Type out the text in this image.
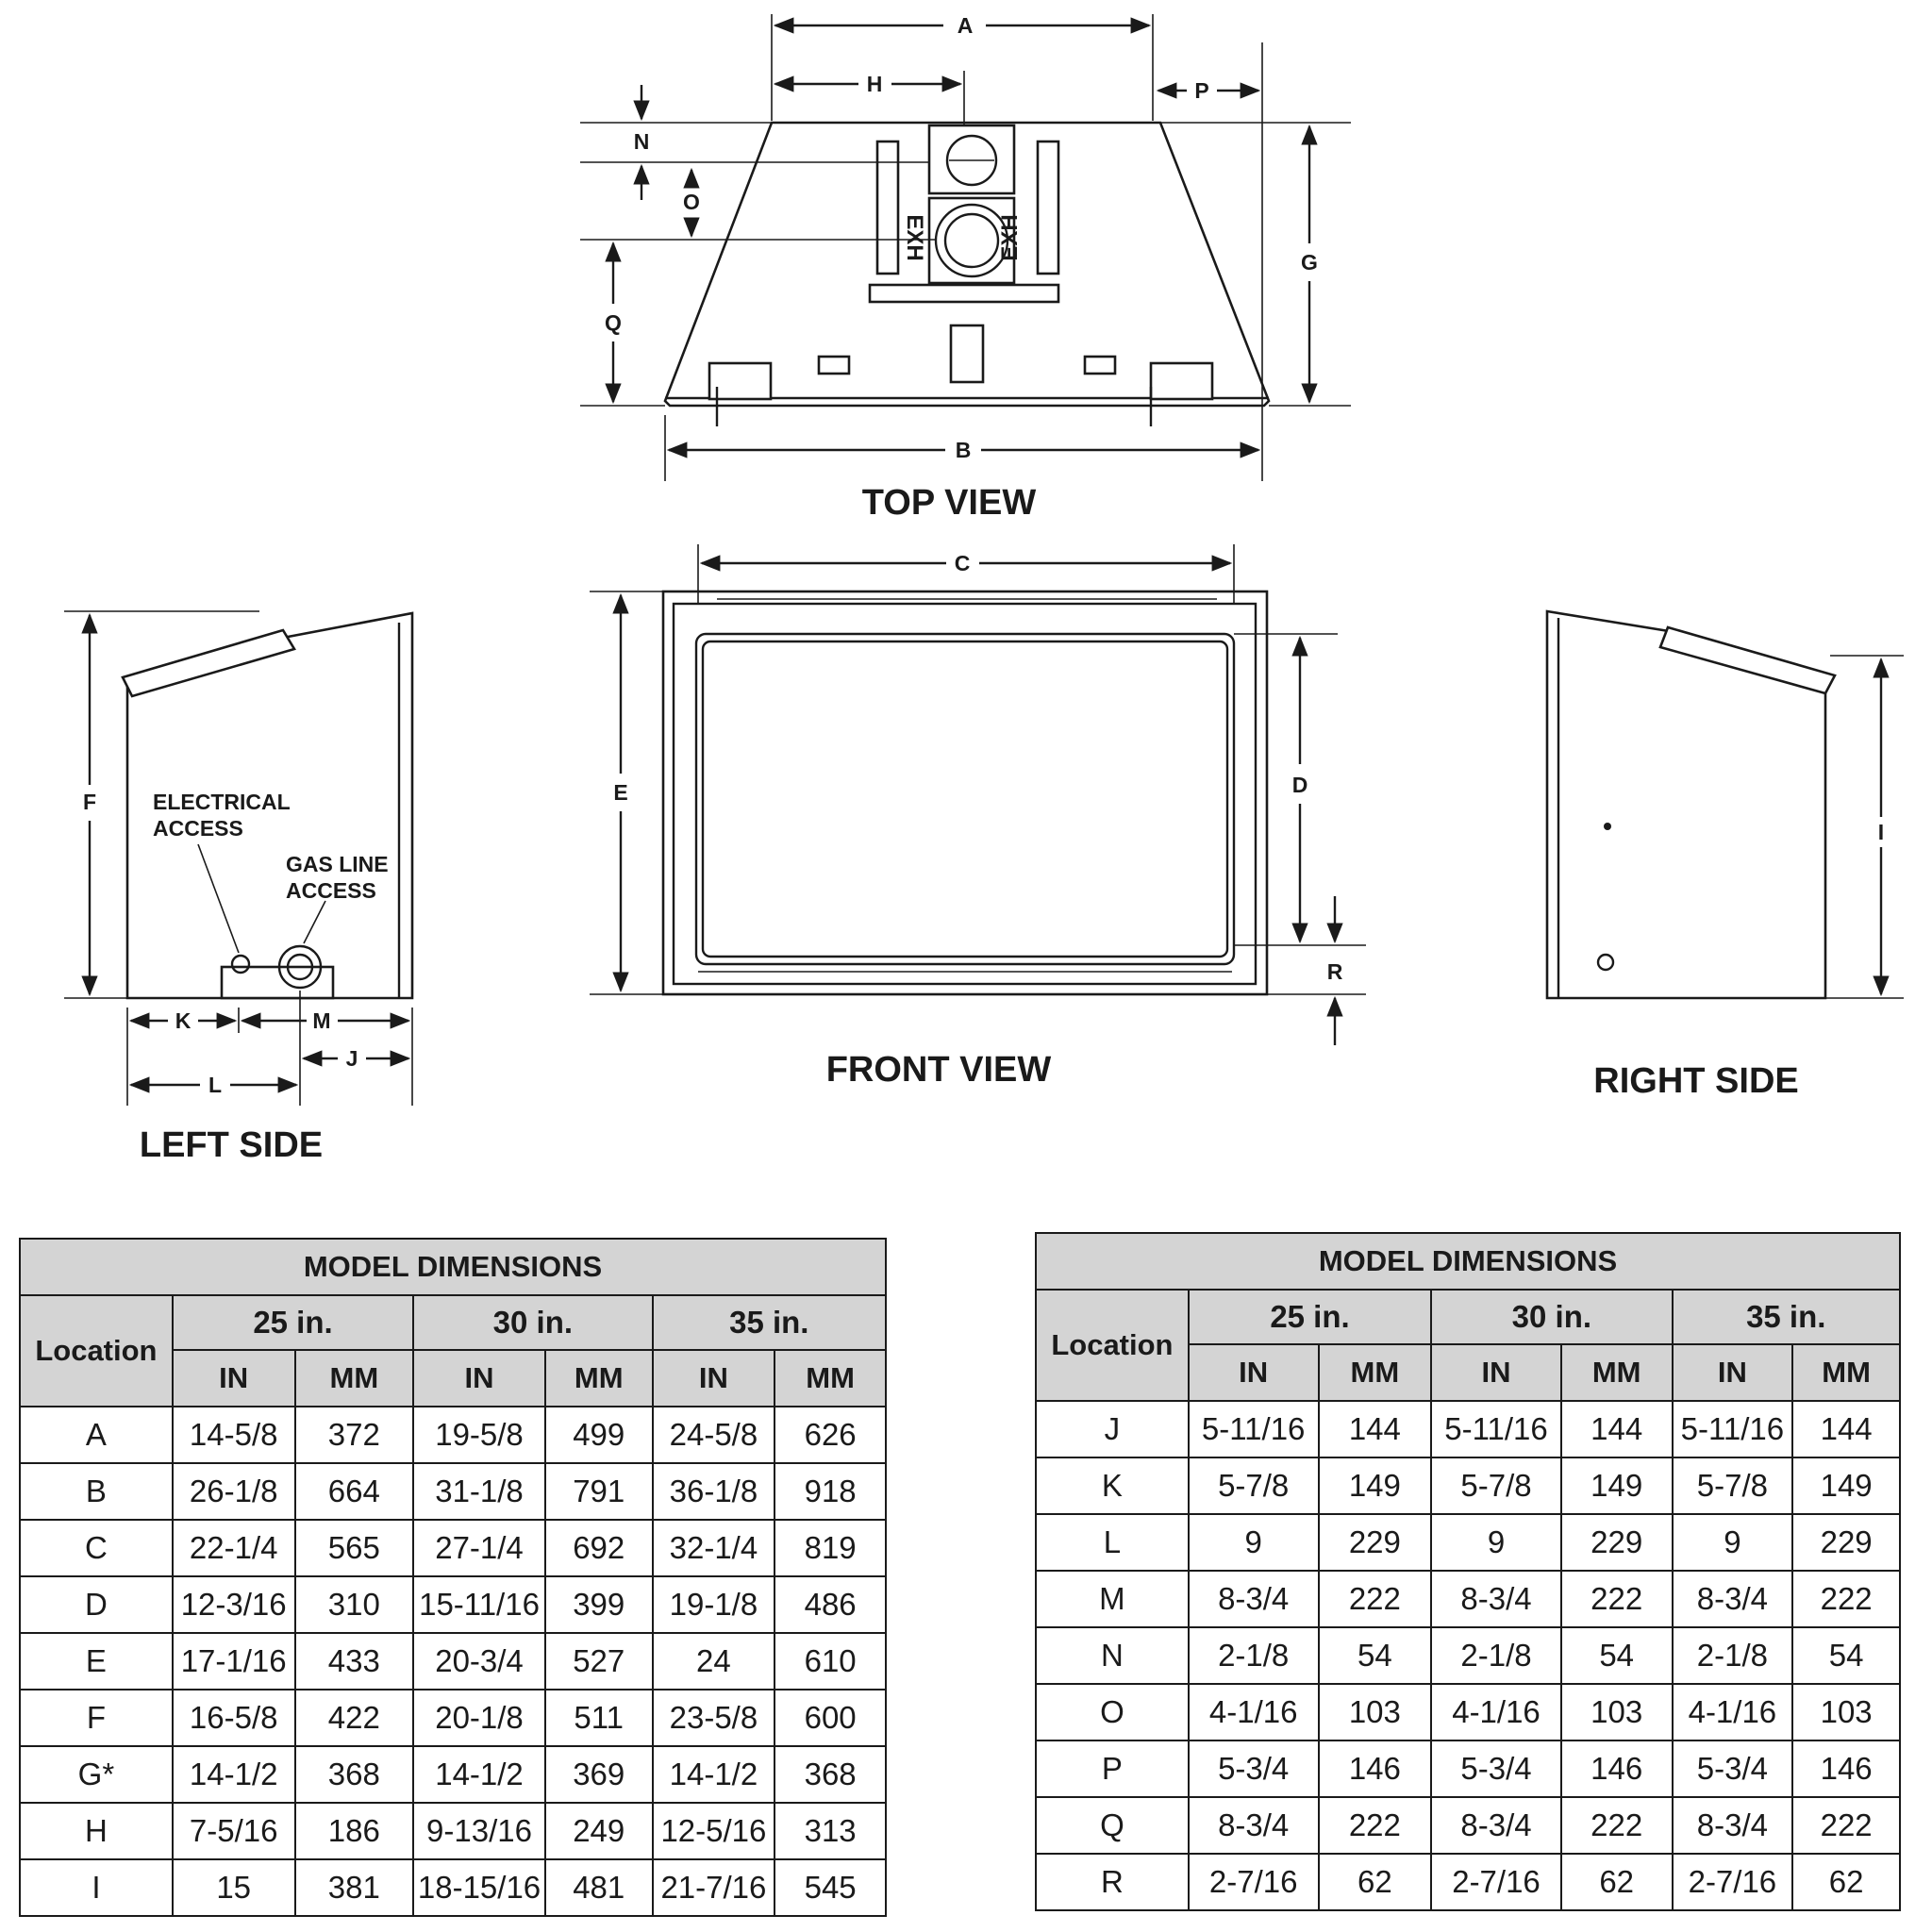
EXH	EXH
A
H	P
G
N
O
Q
B
TOP VIEW
C
E	D
R
FRONT VIEW
ELECTRICAL
ACCESS
GAS LINE
ACCESS
F
K	M
J
L
LEFT SIDE
I
RIGHT SIDE
MODEL DIMENSIONS						
Location	25 in.		30 in.		35 in.	
	IN	MM	IN	MM	IN	MM
A	14-5/8	372	19-5/8	499	24-5/8	626
B	26-1/8	664	31-1/8	791	36-1/8	918
C	22-1/4	565	27-1/4	692	32-1/4	819
D	12-3/16	310	15-11/16	399	19-1/8	486
E	17-1/16	433	20-3/4	527	24	610
F	16-5/8	422	20-1/8	511	23-5/8	600
G*	14-1/2	368	14-1/2	369	14-1/2	368
H	7-5/16	186	9-13/16	249	12-5/16	313
I	15	381	18-15/16	481	21-7/16	545
MODEL DIMENSIONS						
Location	25 in.		30 in.		35 in.	
	IN	MM	IN	MM	IN	MM
J	5-11/16	144	5-11/16	144	5-11/16	144
K	5-7/8	149	5-7/8	149	5-7/8	149
L	9	229	9	229	9	229
M	8-3/4	222	8-3/4	222	8-3/4	222
N	2-1/8	54	2-1/8	54	2-1/8	54
O	4-1/16	103	4-1/16	103	4-1/16	103
P	5-3/4	146	5-3/4	146	5-3/4	146
Q	8-3/4	222	8-3/4	222	8-3/4	222
R	2-7/16	62	2-7/16	62	2-7/16	62
